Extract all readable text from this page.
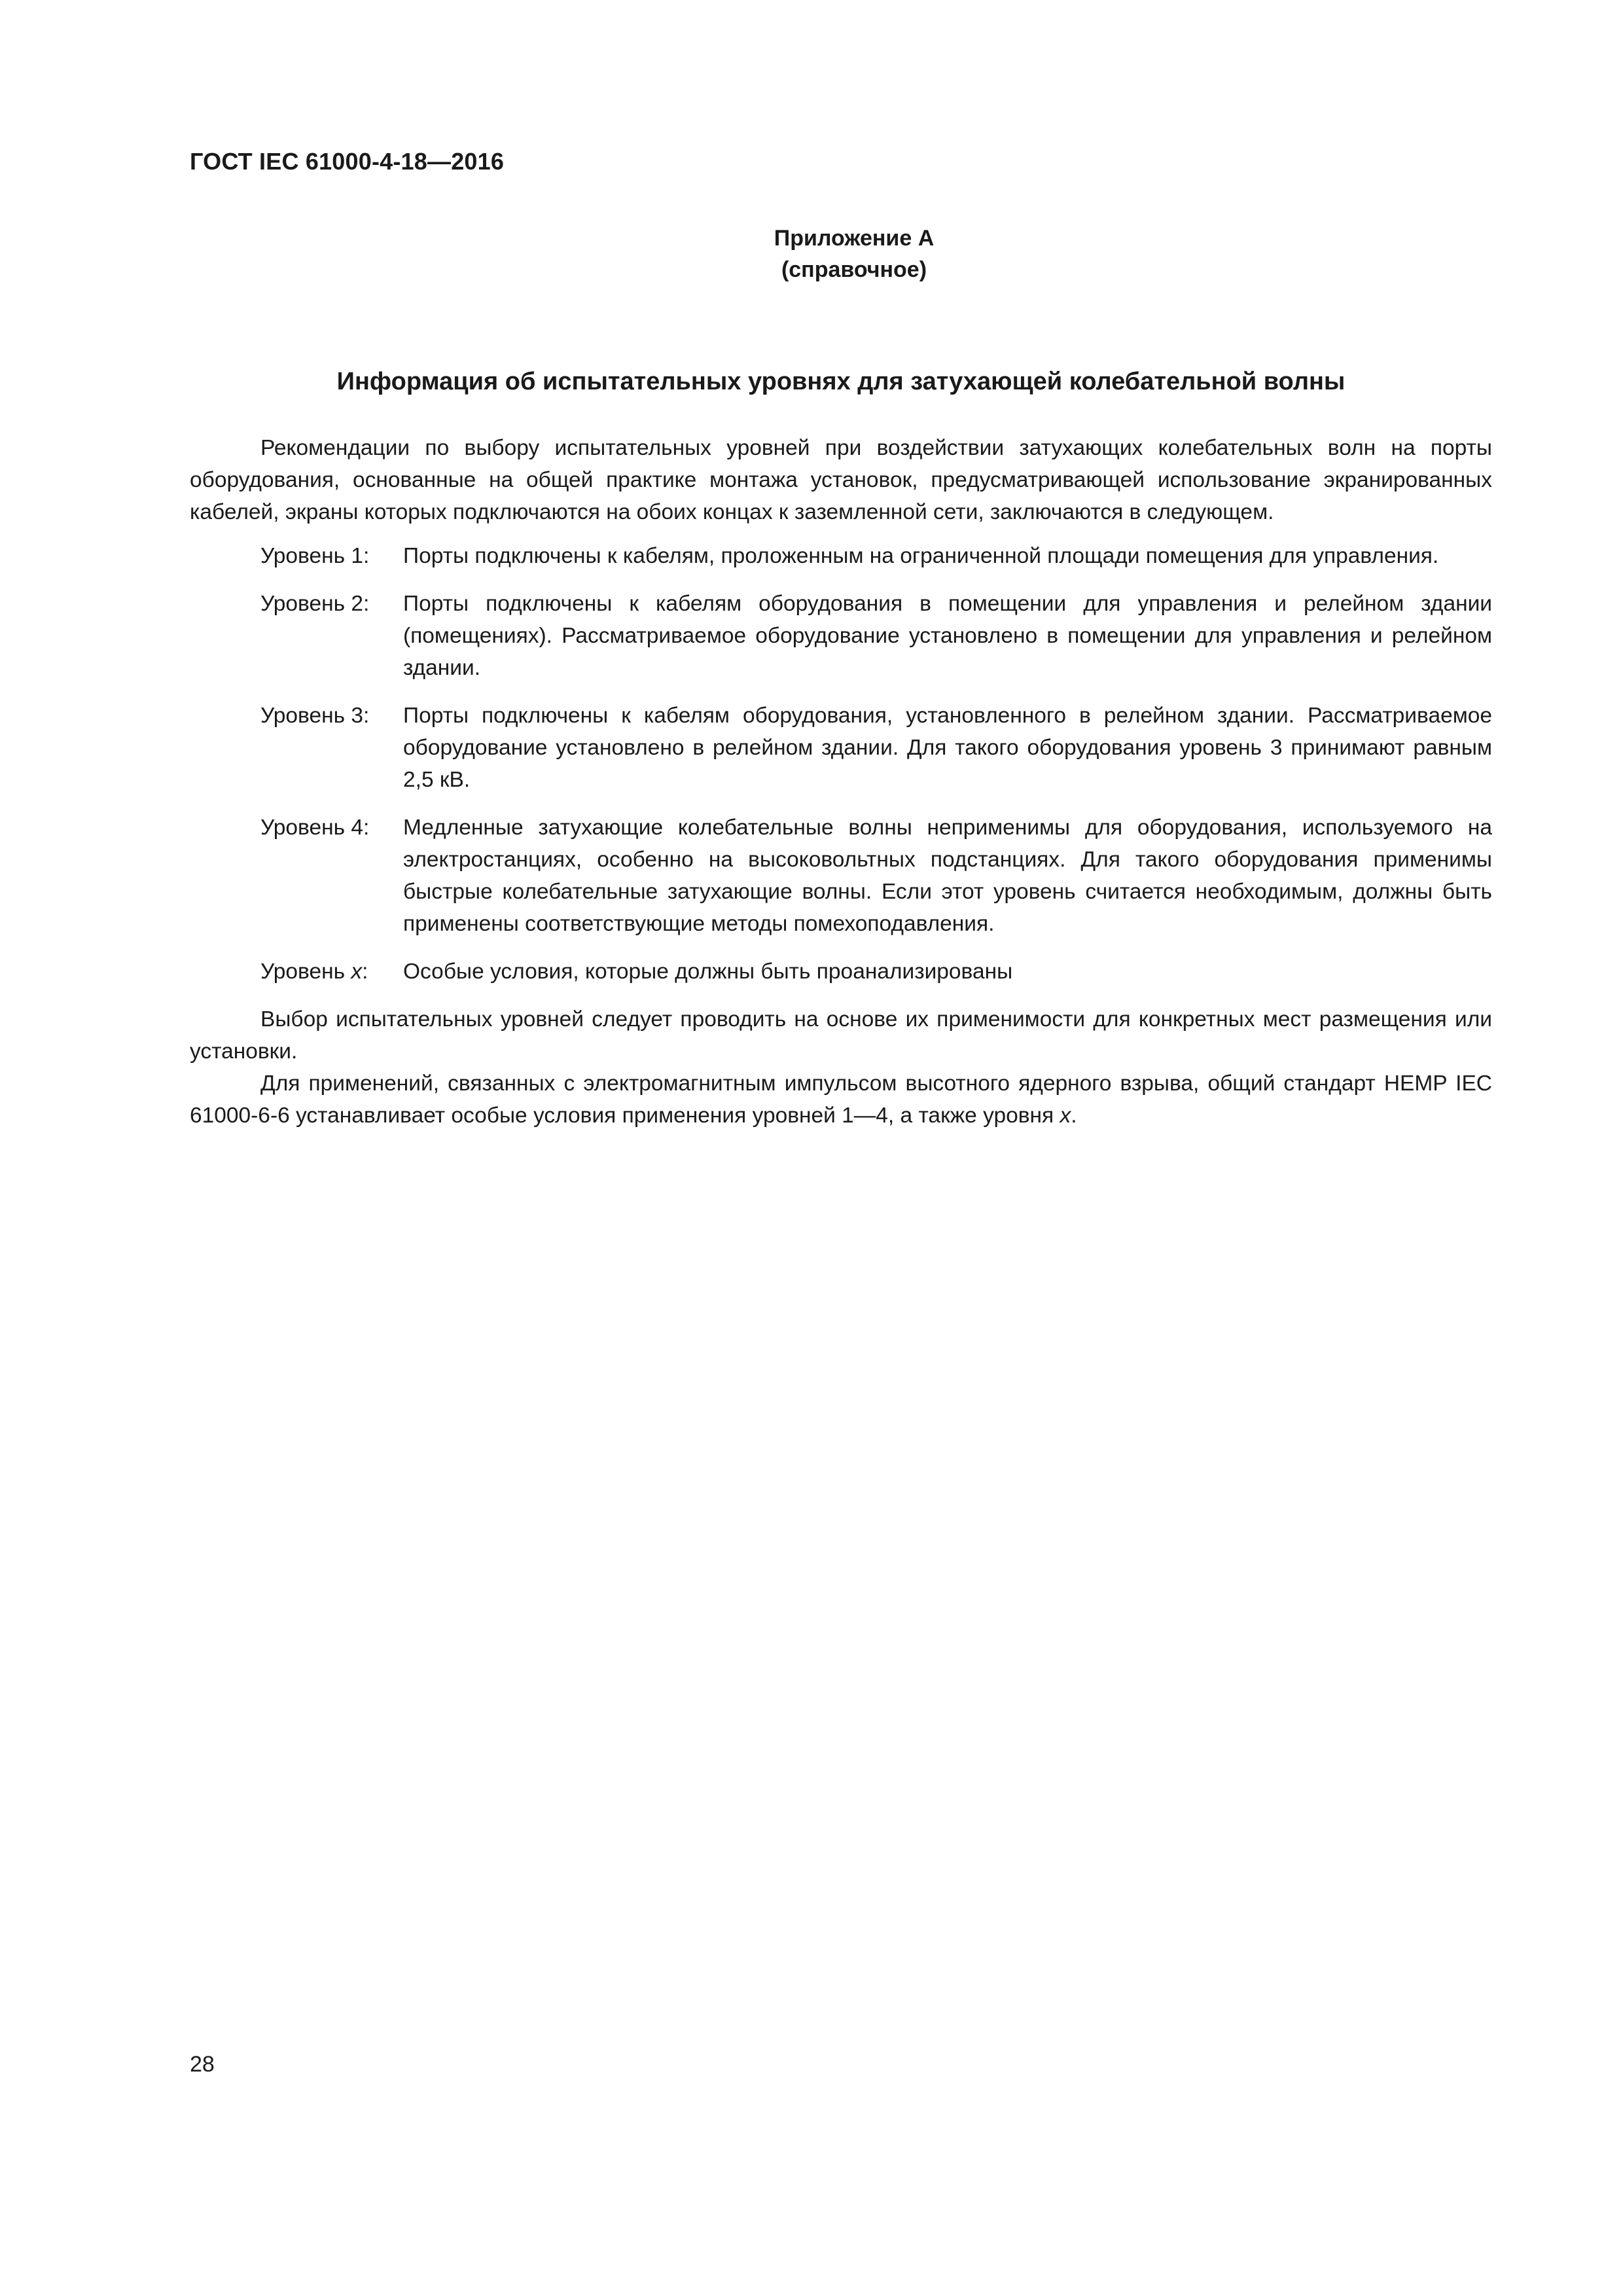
ГОСТ IEC 61000-4-18—2016
Приложение А
(справочное)
Информация об испытательных уровнях для затухающей колебательной волны

Рекомендации по выбору испытательных уровней при воздействии затухающих колебательных волн на порты оборудования, основанные на общей практике монтажа установок, предусматривающей использование экранированных кабелей, экраны которых подключаются на обоих концах к заземленной сети, заключаются в следующем.

Уровень 1:	Порты подключены к кабелям, проложенным на ограниченной площади помещения для управления.
Уровень 2:	Порты подключены к кабелям оборудования в помещении для управления и релейном здании (помещениях). Рассматриваемое оборудование установлено в помещении для управления и релейном здании.
Уровень 3:	Порты подключены к кабелям оборудования, установленного в релейном здании. Рассматриваемое оборудование установлено в релейном здании. Для такого оборудования уровень 3 принимают равным 2,5 кВ.
Уровень 4:	Медленные затухающие колебательные волны неприменимы для оборудования, используемого на электростанциях, особенно на высоковольтных подстанциях. Для такого оборудования применимы быстрые колебательные затухающие волны. Если этот уровень считается необходимым, должны быть применены соответствующие методы помехоподавления.
Уровень x:	Особые условия, которые должны быть проанализированы

Выбор испытательных уровней следует проводить на основе их применимости для конкретных мест размещения или установки.

Для применений, связанных с электромагнитным импульсом высотного ядерного взрыва, общий стандарт HEMP IEC 61000-6-6 устанавливает особые условия применения уровней 1—4, а также уровня x.

28
